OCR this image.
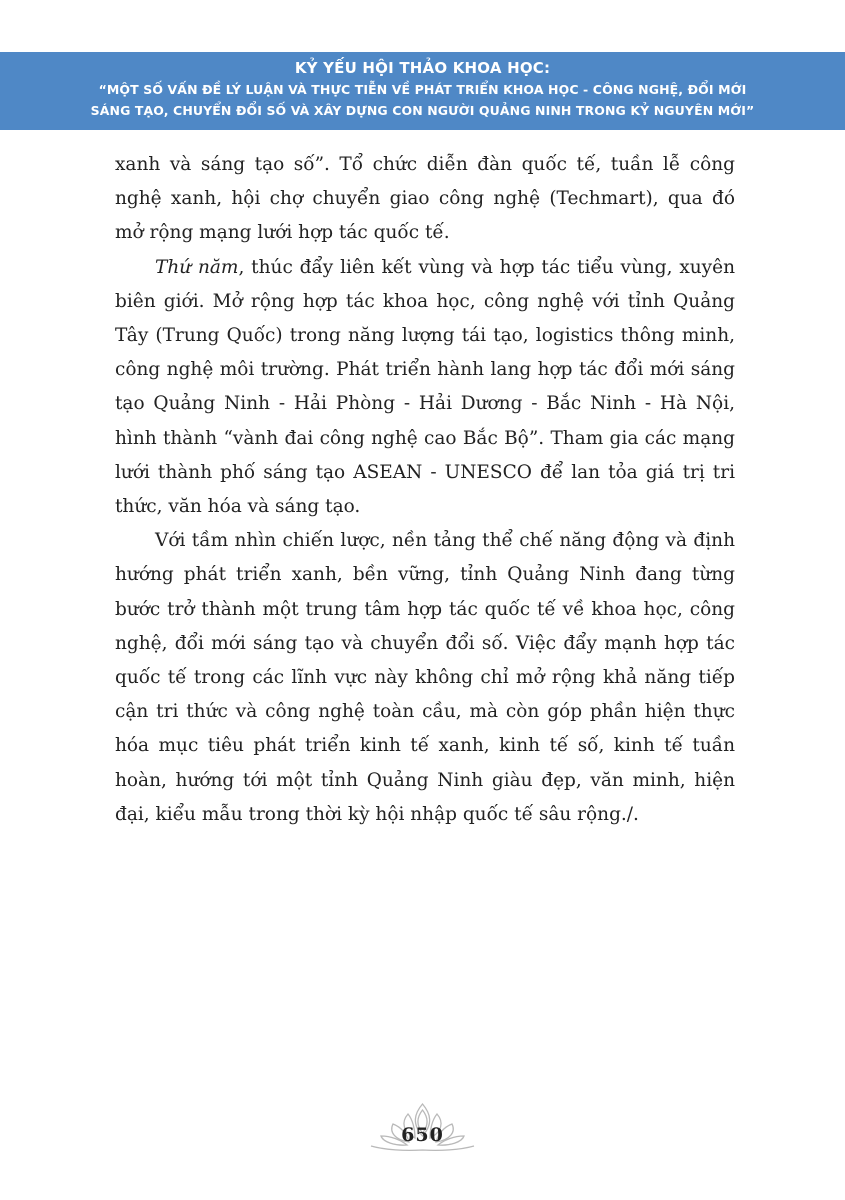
KỶ YẾU HỘI THẢO KHOA HỌC:
“MỘT SỐ VẤN ĐỀ LÝ LUẬN VÀ THỰC TIỄN VỀ PHÁT TRIỂN KHOA HỌC - CÔNG NGHỆ, ĐỔI MỚI
SÁNG TẠO, CHUYỂN ĐỔI SỐ VÀ XÂY DỰNG CON NGƯỜI QUẢNG NINH TRONG KỶ NGUYÊN MỚI”

xanh và sáng tạo số”. Tổ chức diễn đàn quốc tế, tuần lễ công nghệ xanh, hội chợ chuyển giao công nghệ (Techmart), qua đó mở rộng mạng lưới hợp tác quốc tế.

Thứ năm, thúc đẩy liên kết vùng và hợp tác tiểu vùng, xuyên biên giới. Mở rộng hợp tác khoa học, công nghệ với tỉnh Quảng Tây (Trung Quốc) trong năng lượng tái tạo, logistics thông minh, công nghệ môi trường. Phát triển hành lang hợp tác đổi mới sáng tạo Quảng Ninh - Hải Phòng - Hải Dương - Bắc Ninh - Hà Nội, hình thành “vành đai công nghệ cao Bắc Bộ”. Tham gia các mạng lưới thành phố sáng tạo ASEAN - UNESCO để lan tỏa giá trị tri thức, văn hóa và sáng tạo.

Với tầm nhìn chiến lược, nền tảng thể chế năng động và định hướng phát triển xanh, bền vững, tỉnh Quảng Ninh đang từng bước trở thành một trung tâm hợp tác quốc tế về khoa học, công nghệ, đổi mới sáng tạo và chuyển đổi số. Việc đẩy mạnh hợp tác quốc tế trong các lĩnh vực này không chỉ mở rộng khả năng tiếp cận tri thức và công nghệ toàn cầu, mà còn góp phần hiện thực hóa mục tiêu phát triển kinh tế xanh, kinh tế số, kinh tế tuần hoàn, hướng tới một tỉnh Quảng Ninh giàu đẹp, văn minh, hiện đại, kiểu mẫu trong thời kỳ hội nhập quốc tế sâu rộng./.

650
